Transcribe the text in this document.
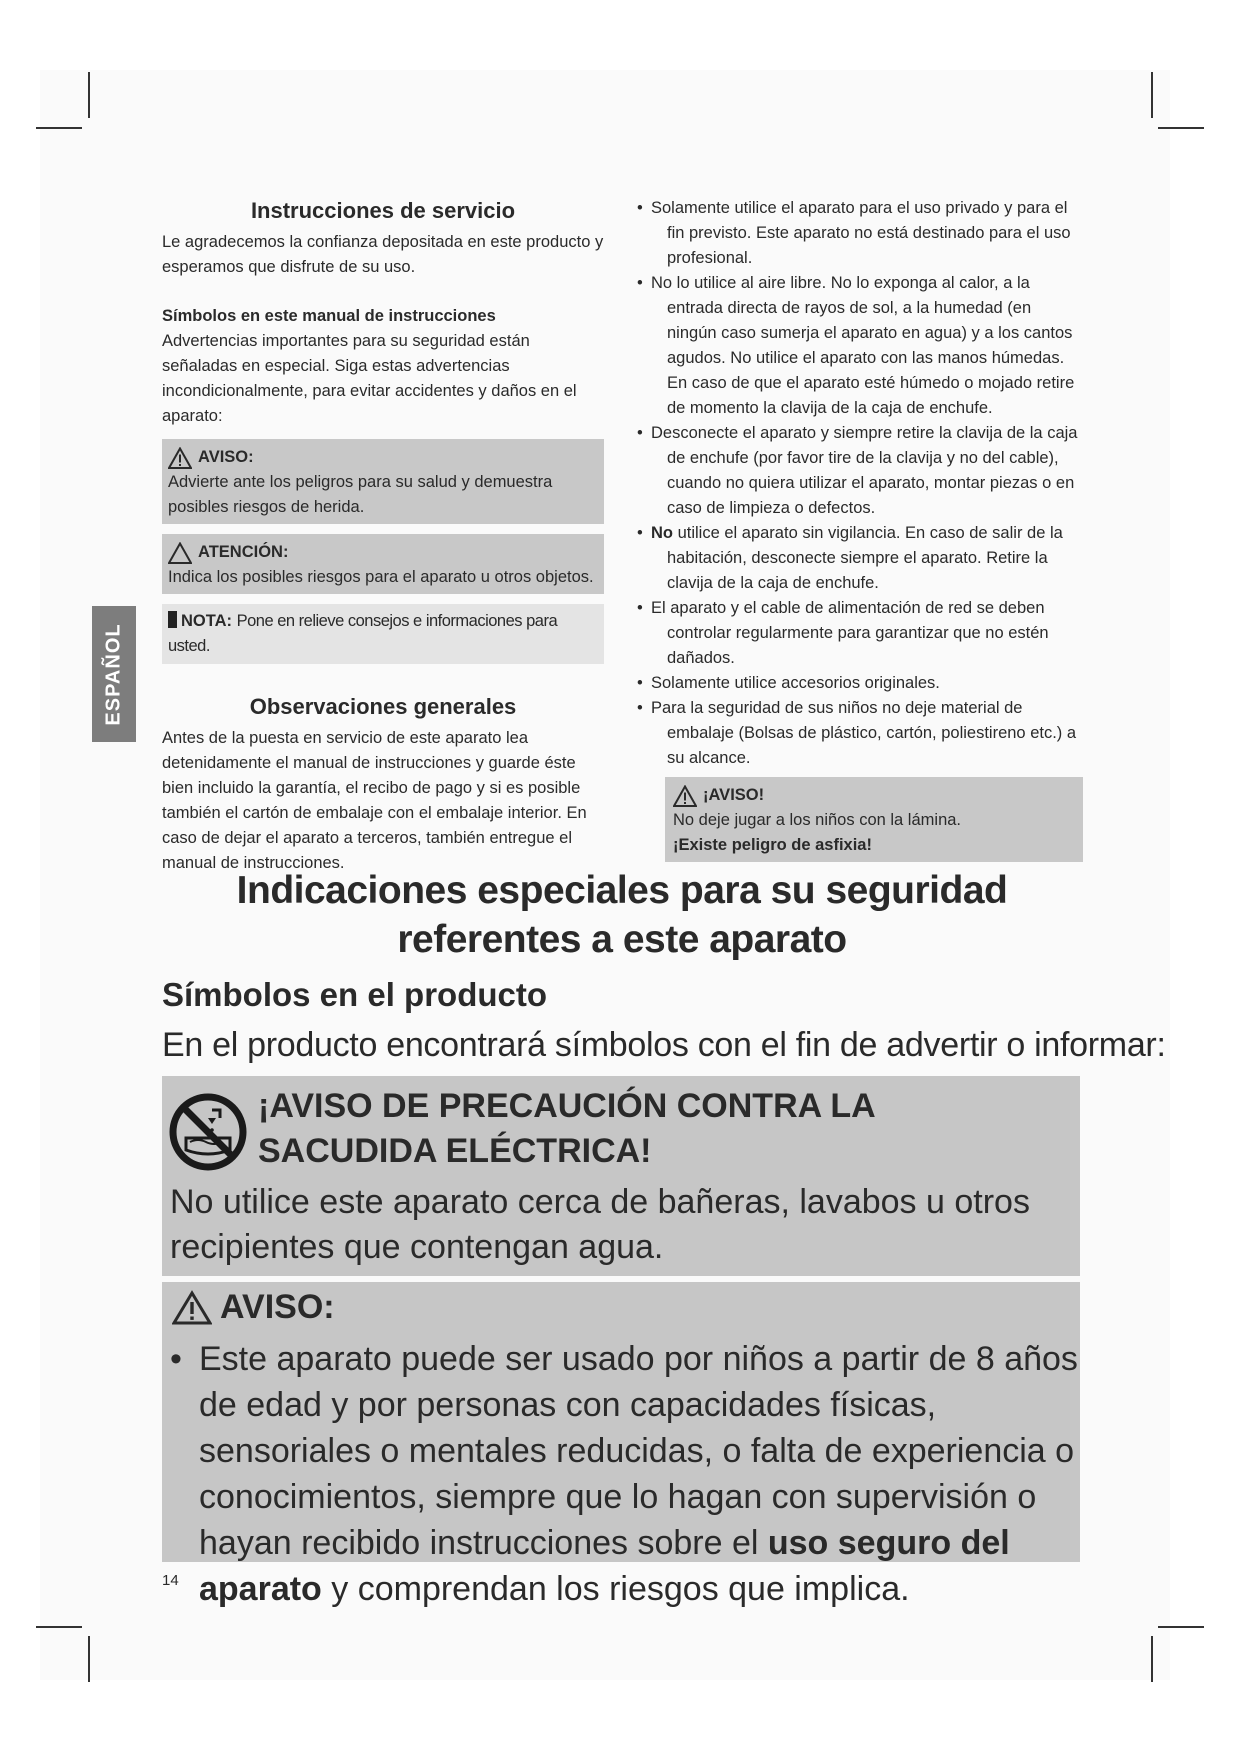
ESPAÑOL
Instrucciones de servicio

Le agradecemos la confianza depositada en este producto y esperamos que disfrute de su uso.

Símbolos en este manual de instrucciones

Advertencias importantes para su seguridad están señaladas en especial. Siga estas advertencias incondicionalmente, para evitar accidentes y daños en el aparato:

AVISO:

Advierte ante los peligros para su salud y demuestra posibles riesgos de herida.

ATENCIÓN:

Indica los posibles riesgos para el aparato u otros objetos.

NOTA: Pone en relieve consejos e informaciones para usted.
Observaciones generales

Antes de la puesta en servicio de este aparato lea detenidamente el manual de instrucciones y guarde éste bien incluido la garantía, el recibo de pago y si es posible también el cartón de embalaje con el embalaje interior. En caso de dejar el aparato a terceros, también entregue el manual de instrucciones.

• Solamente utilice el aparato para el uso privado y para el fin previsto. Este aparato no está destinado para el uso profesional.
• No lo utilice al aire libre. No lo exponga al calor, a la entrada directa de rayos de sol, a la humedad (en ningún caso sumerja el aparato en agua) y a los cantos agudos. No utilice el aparato con las manos húmedas. En caso de que el aparato esté húmedo o mojado retire de momento la clavija de la caja de enchufe.
• Desconecte el aparato y siempre retire la clavija de la caja de enchufe (por favor tire de la clavija y no del cable), cuando no quiera utilizar el aparato, montar piezas o en caso de limpieza o defectos.
• No utilice el aparato sin vigilancia. En caso de salir de la habitación, desconecte siempre el aparato. Retire la clavija de la caja de enchufe.
• El aparato y el cable de alimentación de red se deben controlar regularmente para garantizar que no estén dañados.
• Solamente utilice accesorios originales.
• Para la seguridad de sus niños no deje material de embalaje (Bolsas de plástico, cartón, poliestireno etc.) a su alcance.
¡AVISO!

No deje jugar a los niños con la lámina.

¡Existe peligro de asfixia!

Indicaciones especiales para su seguridad
referentes a este aparato
Símbolos en el producto
En el producto encontrará símbolos con el fin de advertir o informar:
¡AVISO DE PRECAUCIÓN CONTRA LA SACUDIDA ELÉCTRICA!
No utilice este aparato cerca de bañeras, lavabos u otros recipientes que contengan agua.
AVISO:
• Este aparato puede ser usado por niños a partir de 8 años de edad y por personas con capacidades físicas, sensoriales o mentales reducidas, o falta de experiencia o conocimientos, siempre que lo hagan con supervisión o hayan recibido instrucciones sobre el uso seguro del aparato y comprendan los riesgos que implica.
14
